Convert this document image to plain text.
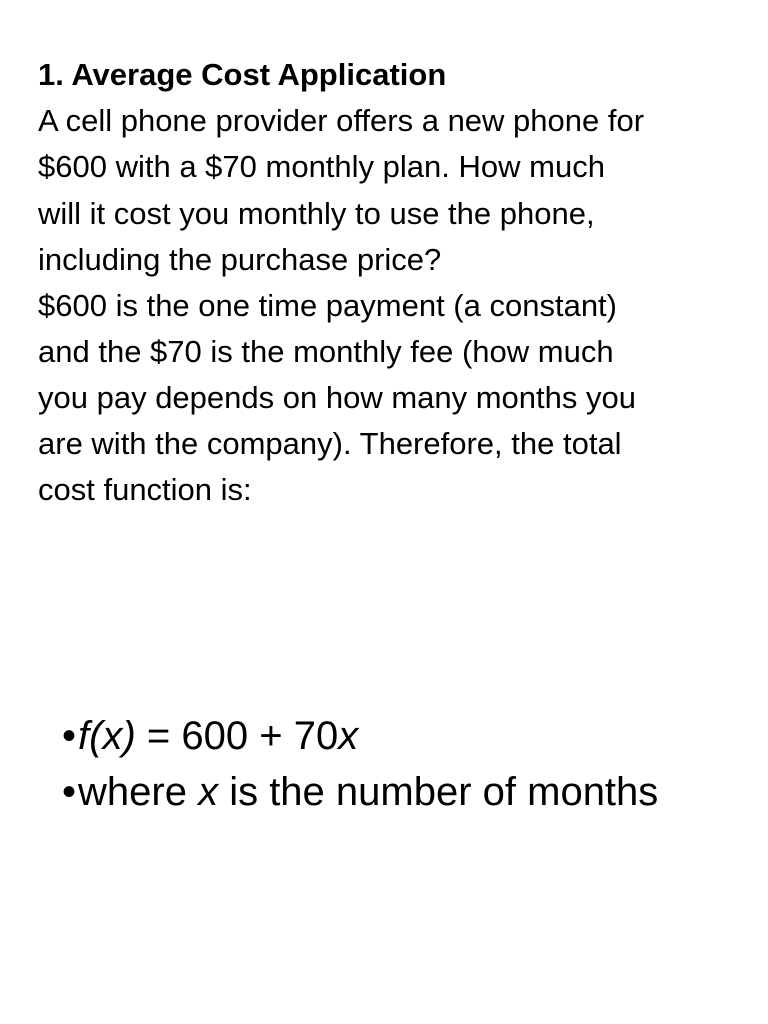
1. Average Cost Application
A cell phone provider offers a new phone for
$600 with a $70 monthly plan. How much
will it cost you monthly to use the phone,
including the purchase price?
$600 is the one time payment (a constant)
and the $70 is the monthly fee (how much
you pay depends on how many months you
are with the company). Therefore, the total
cost function is:
•f(x) = 600 + 70x
•where x is the number of months
